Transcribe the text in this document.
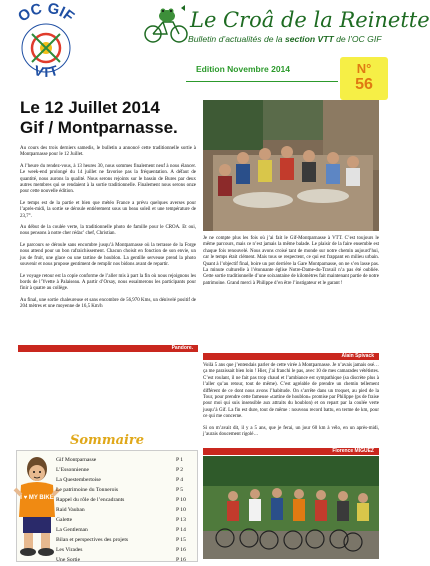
OC GIF
VTT
Le Croâ de la Reinette
Bulletin d’actualités de la section VTT de l’OC GIF
Edition Novembre 2014	N°
56
Le 12 Juillet 2014
Gif / Montparnasse.

Au cours des trois derniers samedis, le bulletin a annoncé cette traditionnelle sortie à Montparnasse pour le 12 Juillet.

A l’heure du rendez-vous, à 13 heures 30, nous sommes finalement neuf à nous élancer. Le week-end prolongé du 14 juillet ne favorise pas la fréquentation. A défaut de quantité, nous aurons la qualité. Nous serons rejoints sur le bassin de Bures par deux autres membres qui se rendaient à la sortie traditionnelle. Finalement nous serons onze pour cette nouvelle édition.

Le temps est de la partie et bien que météo France a prévu quelques averses pour l’après-midi, la sortie se déroule entièrement sous un beau soleil et une température de 23,7°.

Au début de la coulée verte, la traditionnelle photo de famille pour le CROA. Et oui, nous pensons à notre cher rédac’ chef, Christian.

Le parcours se déroule sans encombre jusqu’à Montparnasse où la terrasse de la Forge nous attend pour un bon rafraichissement. Chacun choisit en fonction de son envie, un jus de fruit, une glace ou une tartine de houblon. La gentille serveuse prend la photo souvenir et nous propose gentiment de remplir nos bidons avant de repartir.

Le voyage retour est la copie conforme de l’aller mis à part la fin où nous rejoignons les bords de l’Yvette à Palaiseau. A partir d’Orsay, nous essaimerons les participants pour finir à quatre au collège.

Au final, une sortie chaleureuse et sans encombre de 56,970 Kms, un dénivelé positif de 204 mètres et une moyenne de 16,5 Km/h

Pandore.
Sommaire
I ♥ MY BIKE
Gif Montparnasse	P 1
L’Essonnienne	P 2
La Questembertoise	P 4
Le patrimoine du Tonnerois	P 5
Rappel du rôle de l’encadrants	P 10
Raid Vauban	P 10
Galette	P 13
La Gentleman	P 14
Bilan et perspectives des projets	P 15
Les Virades	P 16
Une Sortie	P 16

Je ne compte plus les fois où j’ai fait le Gif-Montparnasse à VTT. C’est toujours le même parcours, mais ce n’est jamais la même balade. Le plaisir de la faire ensemble est chaque fois renouvelé. Nous avons croisé tant de monde sur notre chemin aujourd’hui, car le temps était clément. Mais tous se respectent, ce qui est frappant en milieu urbain. Quant à l’objectif final, boire un pot derrière la Gare Montparnasse, on ne s’en lasse pas. La minute culturelle à l’étonnante église Notre-Dame-du-Travail n’a pas été oubliée. Cette sortie traditionnelle d’une soixantaine de kilomètres fait maintenant partie de notre patrimoine. Grand merci à Philippe d’en être l’instigateur et le garant !

Alain Spivack

Voilà 5 ans que j’entendais parler de cette virée à Montparnasse. Je n’avais jamais osé… ça me paraissait bien loin ! Hier, j’ai franchi le pas, avec 10 de mes camarades vététistes. C’est roulant, il ne fait pas trop chaud et l’ambiance est sympathique (sa discrète plus à l’aller qu’au retour, tout de même). C’est agréable de prendre un chemin tellement différent de ce dont nous avons l’habitude. On s’arrête dans un troquet, au pied de la Tour, pour prendre cette fameuse «tartine de houblon» promise par Philippe (ps de fraise pour moi qui suis insensible aux attraits du houblon) et on repart par la coulée verte jusqu’à Gif. La fin est dure, tout de même : nouveau record battu, en terme de km, pour ce qui me concerne.

Si on m’avait dit, il y a 5 ans, que je ferai, un jour 60 km à vélo, en un après-midi, j’aurais doucement rigolé…

Florence MIGUEZ
